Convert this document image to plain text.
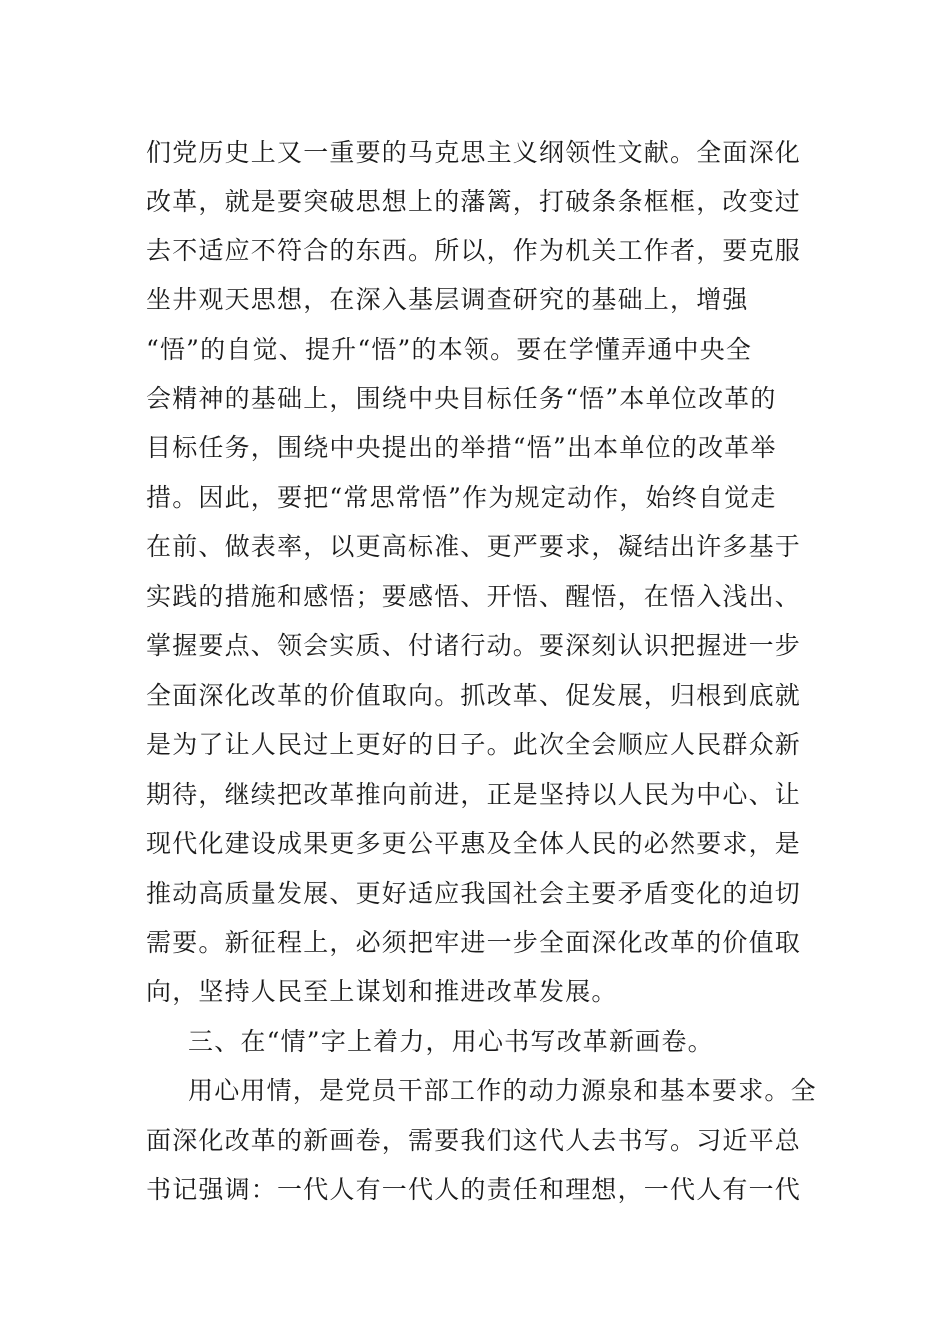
们党历史上又一重要的马克思主义纲领性文献。全面深化
改革，就是要突破思想上的藩篱，打破条条框框，改变过
去不适应不符合的东西。所以，作为机关工作者，要克服
坐井观天思想，在深入基层调查研究的基础上，增强
“悟”的自觉、提升“悟”的本领。要在学懂弄通中央全
会精神的基础上，围绕中央目标任务“悟”本单位改革的
目标任务，围绕中央提出的举措“悟”出本单位的改革举
措。因此，要把“常思常悟”作为规定动作，始终自觉走
在前、做表率，以更高标准、更严要求，凝结出许多基于
实践的措施和感悟；要感悟、开悟、醒悟，在悟入浅出、
掌握要点、领会实质、付诸行动。要深刻认识把握进一步
全面深化改革的价值取向。抓改革、促发展，归根到底就
是为了让人民过上更好的日子。此次全会顺应人民群众新
期待，继续把改革推向前进，正是坚持以人民为中心、让
现代化建设成果更多更公平惠及全体人民的必然要求，是
推动高质量发展、更好适应我国社会主要矛盾变化的迫切
需要。新征程上，必须把牢进一步全面深化改革的价值取
向，坚持人民至上谋划和推进改革发展。
三、在“情”字上着力，用心书写改革新画卷。
用心用情，是党员干部工作的动力源泉和基本要求。全
面深化改革的新画卷，需要我们这代人去书写。习近平总
书记强调：一代人有一代人的责任和理想，一代人有一代
